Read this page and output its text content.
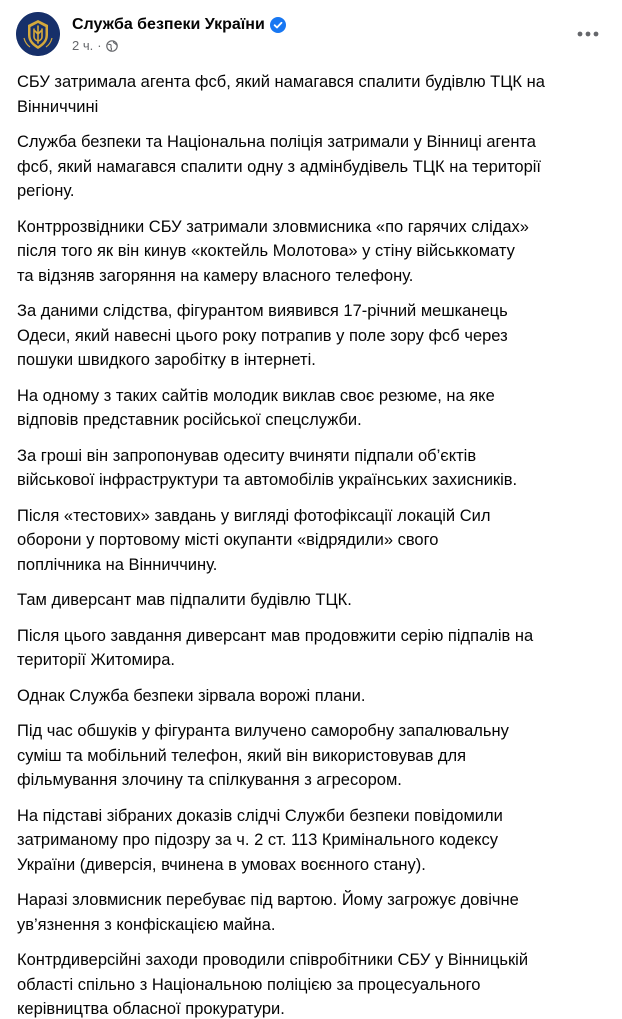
Служба безпеки України
2 ч. ·

СБУ затримала агента фсб, який намагався спалити будівлю ТЦК на
Вінниччині

Служба безпеки та Національна поліція затримали у Вінниці агента
фсб, який намагався спалити одну з адмінбудівель ТЦК на території
регіону.

Контррозвідники СБУ затримали зловмисника «по гарячих слідах»
після того як він кинув «коктейль Молотова» у стіну військкомату
та відзняв загоряння на камеру власного телефону.

За даними слідства, фігурантом виявився 17-річний мешканець
Одеси, який навесні цього року потрапив у поле зору фсб через
пошуки швидкого заробітку в інтернеті.

На одному з таких сайтів молодик виклав своє резюме, на яке
відповів представник російської спецслужби.

За гроші він запропонував одеситу вчиняти підпали об’єктів
військової інфраструктури та автомобілів українських захисників.

Після «тестових» завдань у вигляді фотофіксації локацій Сил
оборони у портовому місті окупанти «відрядили» свого
поплічника на Вінниччину.

Там диверсант мав підпалити будівлю ТЦК.

Після цього завдання диверсант мав продовжити серію підпалів на
території Житомира.

Однак Служба безпеки зірвала ворожі плани.

Під час обшуків у фігуранта вилучено саморобну запалювальну
суміш та мобільний телефон, який він використовував для
фільмування злочину та спілкування з агресором.

На підставі зібраних доказів слідчі Служби безпеки повідомили
затриманому про підозру за ч. 2 ст. 113 Кримінального кодексу
України (диверсія, вчинена в умовах воєнного стану).

Наразі зловмисник перебуває під вартою. Йому загрожує довічне
ув’язнення з конфіскацією майна.

Контрдиверсійні заходи проводили співробітники СБУ у Вінницькій
області спільно з Національною поліцією за процесуального
керівництва обласної прокуратури.
